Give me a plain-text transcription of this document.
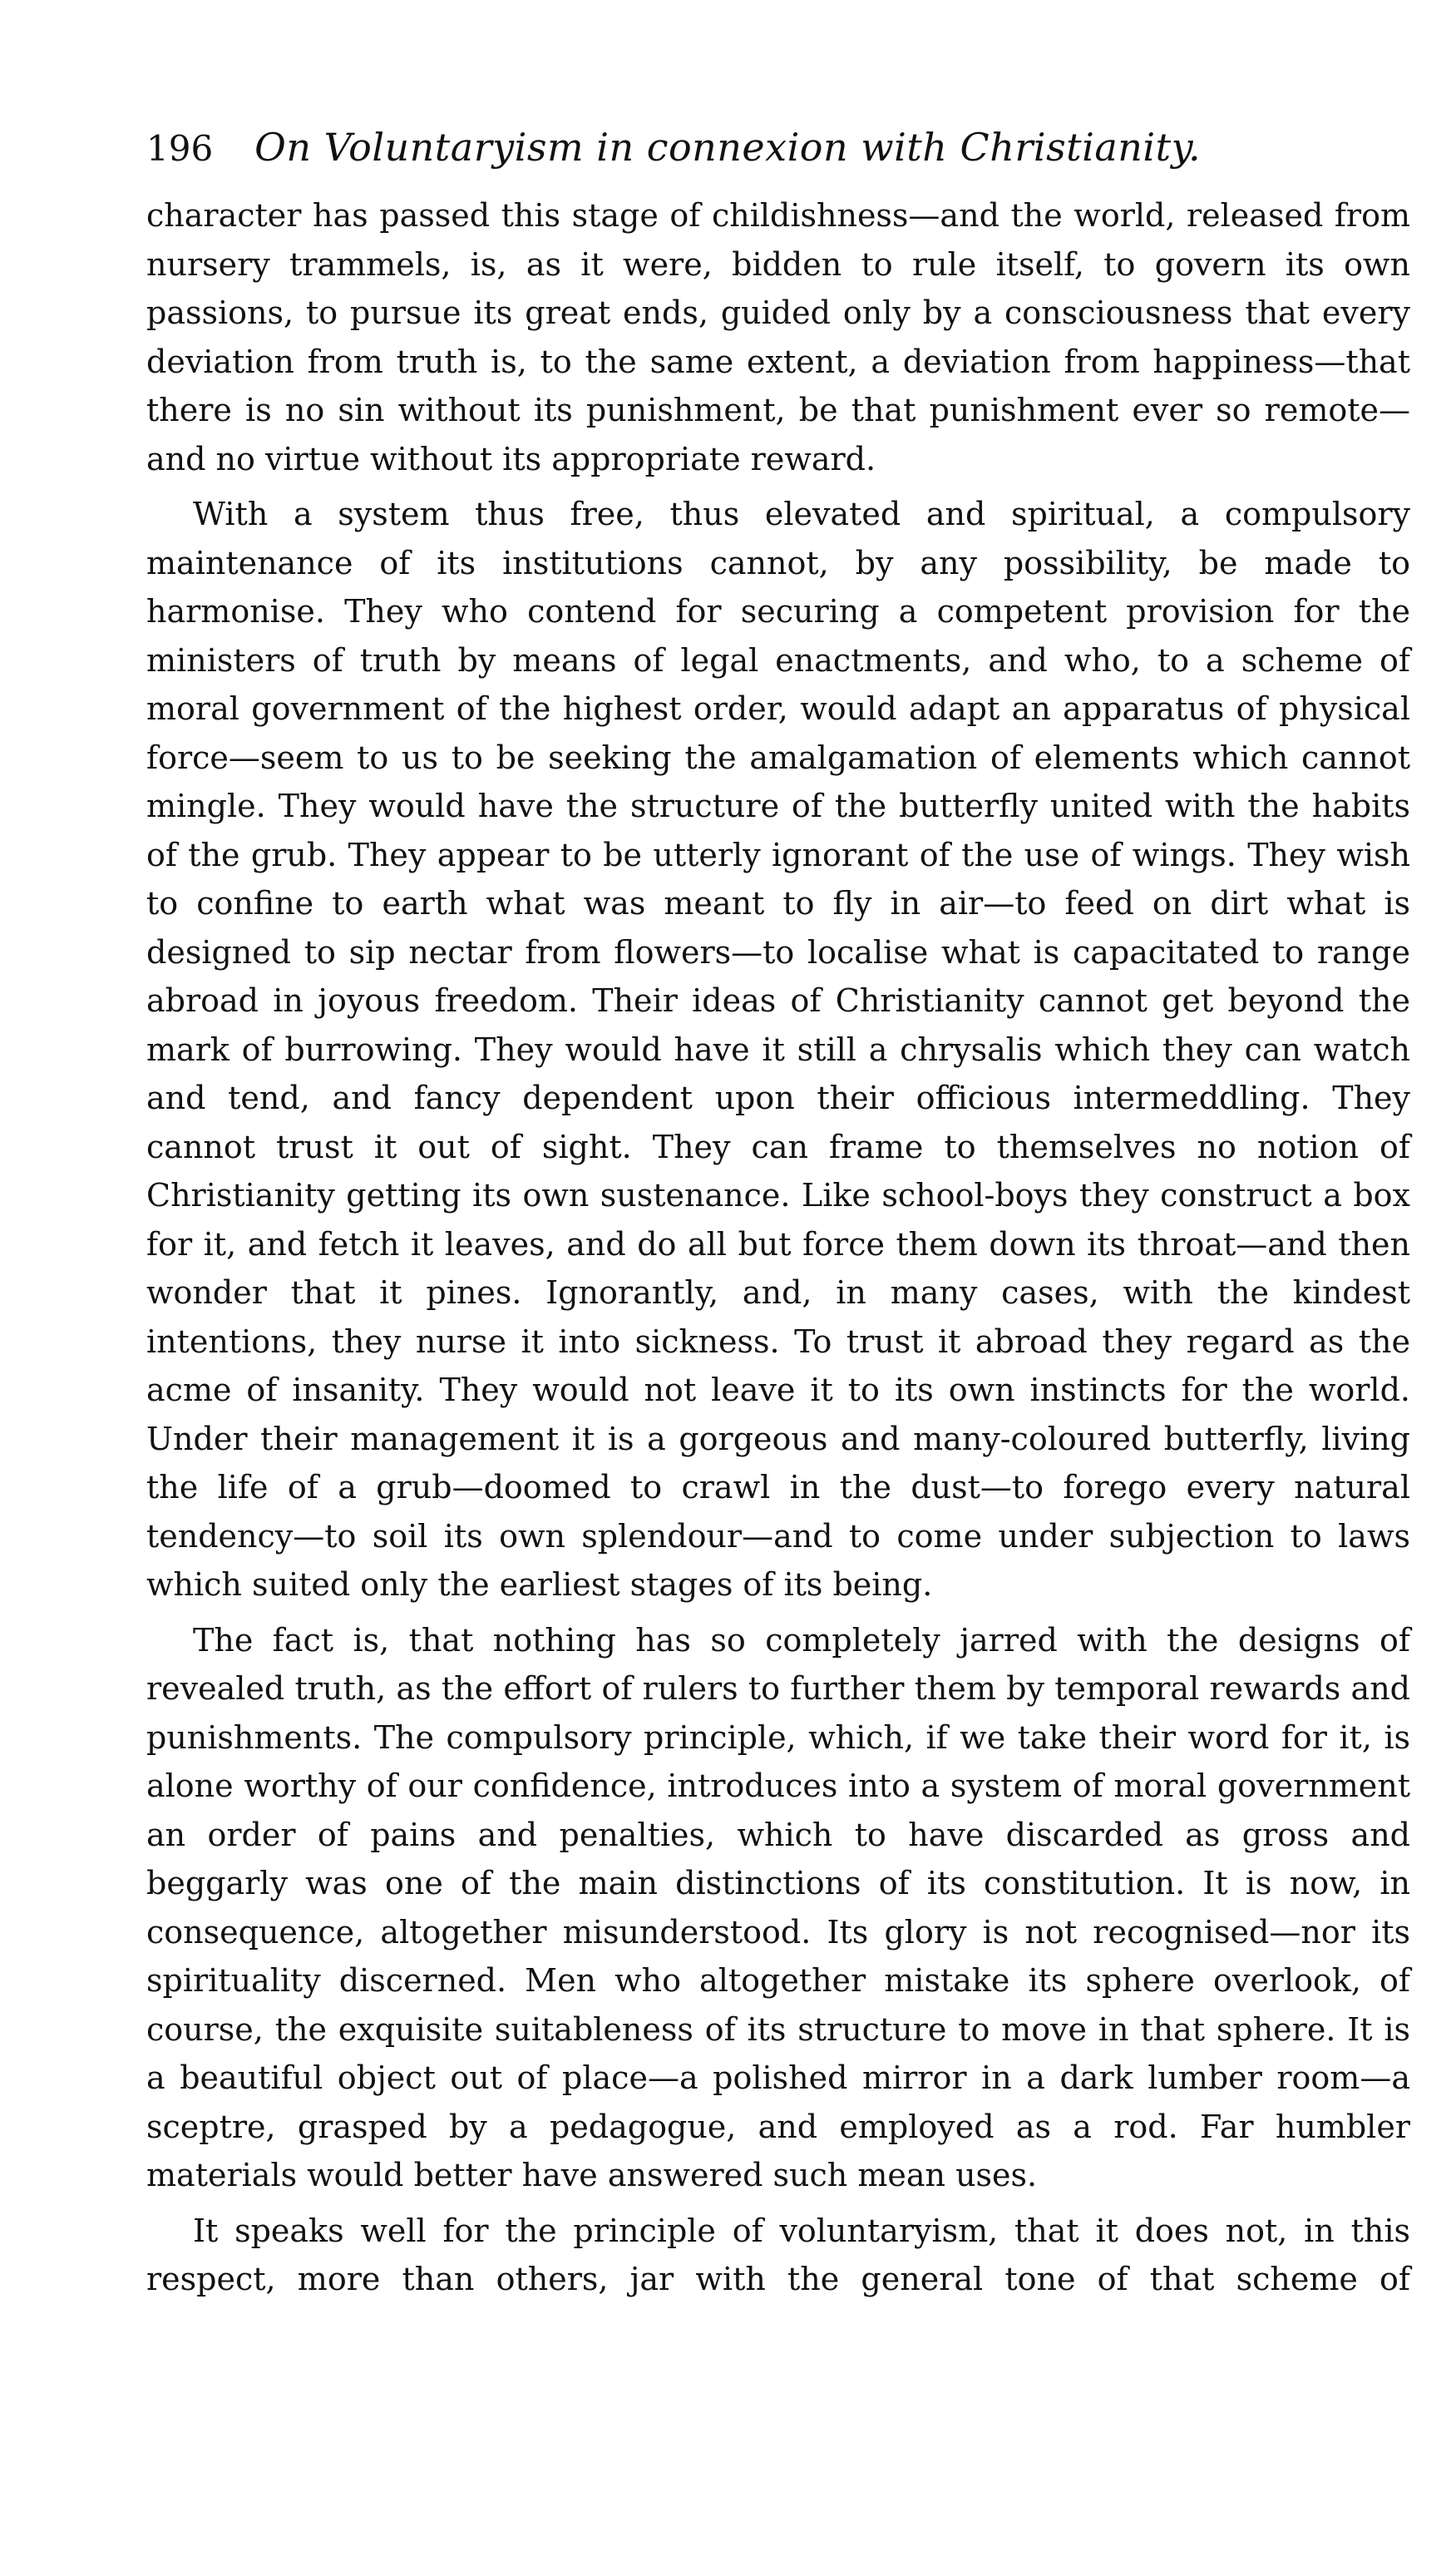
196 On Voluntaryism in connexion with Christianity.

character has passed this stage of childishness—and the world, released from nursery trammels, is, as it were, bidden to rule itself, to govern its own passions, to pursue its great ends, guided only by a consciousness that every deviation from truth is, to the same extent, a deviation from happiness—that there is no sin without its punishment, be that punishment ever so remote—and no virtue without its appropriate reward.

With a system thus free, thus elevated and spiritual, a compulsory maintenance of its institutions cannot, by any possibility, be made to harmonise. They who contend for securing a competent provision for the ministers of truth by means of legal enactments, and who, to a scheme of moral government of the highest order, would adapt an apparatus of physical force—seem to us to be seeking the amalgamation of elements which cannot mingle. They would have the structure of the butterfly united with the habits of the grub. They appear to be utterly ignorant of the use of wings. They wish to confine to earth what was meant to fly in air—to feed on dirt what is designed to sip nectar from flowers—to localise what is capacitated to range abroad in joyous freedom. Their ideas of Christianity cannot get beyond the mark of burrowing. They would have it still a chrysalis which they can watch and tend, and fancy dependent upon their officious intermeddling. They cannot trust it out of sight. They can frame to themselves no notion of Christianity getting its own sustenance. Like school-boys they construct a box for it, and fetch it leaves, and do all but force them down its throat—and then wonder that it pines. Ignorantly, and, in many cases, with the kindest intentions, they nurse it into sickness. To trust it abroad they regard as the acme of insanity. They would not leave it to its own instincts for the world. Under their management it is a gorgeous and many-coloured butterfly, living the life of a grub—doomed to crawl in the dust—to forego every natural tendency—to soil its own splendour—and to come under subjection to laws which suited only the earliest stages of its being.

The fact is, that nothing has so completely jarred with the designs of revealed truth, as the effort of rulers to further them by temporal rewards and punishments. The compulsory principle, which, if we take their word for it, is alone worthy of our confidence, introduces into a system of moral government an order of pains and penalties, which to have discarded as gross and beggarly was one of the main distinctions of its constitution. It is now, in consequence, altogether misunderstood. Its glory is not recognised—nor its spirituality discerned. Men who altogether mistake its sphere overlook, of course, the exquisite suitableness of its structure to move in that sphere. It is a beautiful object out of place—a polished mirror in a dark lumber room—a sceptre, grasped by a pedagogue, and employed as a rod. Far humbler materials would better have answered such mean uses.

It speaks well for the principle of voluntaryism, that it does not, in this respect, more than others, jar with the general tone of that scheme of
